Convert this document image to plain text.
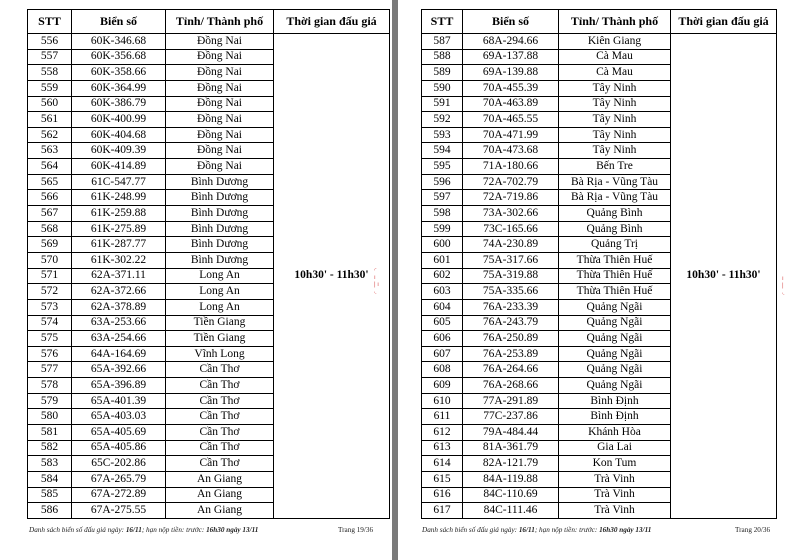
STT	Biển số	Tỉnh/ Thành phố	Thời gian đấu giá
556	60K-346.68	Đồng Nai	10h30' - 11h30'
557	60K-356.68	Đồng Nai	
558	60K-358.66	Đồng Nai	
559	60K-364.99	Đồng Nai	
560	60K-386.79	Đồng Nai	
561	60K-400.99	Đồng Nai	
562	60K-404.68	Đồng Nai	
563	60K-409.39	Đồng Nai	
564	60K-414.89	Đồng Nai	
565	61C-547.77	Bình Dương	
566	61K-248.99	Bình Dương	
567	61K-259.88	Bình Dương	
568	61K-275.89	Bình Dương	
569	61K-287.77	Bình Dương	
570	61K-302.22	Bình Dương	
571	62A-371.11	Long An	
572	62A-372.66	Long An	
573	62A-378.89	Long An	
574	63A-253.66	Tiền Giang	
575	63A-254.66	Tiền Giang	
576	64A-164.69	Vĩnh Long	
577	65A-392.66	Cần Thơ	
578	65A-396.89	Cần Thơ	
579	65A-401.39	Cần Thơ	
580	65A-403.03	Cần Thơ	
581	65A-405.69	Cần Thơ	
582	65A-405.86	Cần Thơ	
583	65C-202.86	Cần Thơ	
584	67A-265.79	An Giang	
585	67A-272.89	An Giang	
586	67A-275.55	An Giang	
Danh sách biển số đấu giá ngày: 16/11; hạn nộp tiền: trước: 16h30 ngày 13/11	Trang 19/36
◜
ı
| ı
◟
STT	Biển số	Tỉnh/ Thành phố	Thời gian đấu giá
587	68A-294.66	Kiên Giang	10h30' - 11h30'
588	69A-137.88	Cà Mau	
589	69A-139.88	Cà Mau	
590	70A-455.39	Tây Ninh	
591	70A-463.89	Tây Ninh	
592	70A-465.55	Tây Ninh	
593	70A-471.99	Tây Ninh	
594	70A-473.68	Tây Ninh	
595	71A-180.66	Bến Tre	
596	72A-702.79	Bà Rịa - Vũng Tàu	
597	72A-719.86	Bà Rịa - Vũng Tàu	
598	73A-302.66	Quảng Bình	
599	73C-165.66	Quảng Bình	
600	74A-230.89	Quảng Trị	
601	75A-317.66	Thừa Thiên Huế	
602	75A-319.88	Thừa Thiên Huế	
603	75A-335.66	Thừa Thiên Huế	
604	76A-233.39	Quảng Ngãi	
605	76A-243.79	Quảng Ngãi	
606	76A-250.89	Quảng Ngãi	
607	76A-253.89	Quảng Ngãi	
608	76A-264.66	Quảng Ngãi	
609	76A-268.66	Quảng Ngãi	
610	77A-291.89	Bình Định	
611	77C-237.86	Bình Định	
612	79A-484.44	Khánh Hòa	
613	81A-361.79	Gia Lai	
614	82A-121.79	Kon Tum	
615	84A-119.88	Trà Vinh	
616	84C-110.69	Trà Vinh	
617	84C-111.46	Trà Vinh	
Danh sách biển số đấu giá ngày: 16/11; hạn nộp tiền: trước: 16h30 ngày 13/11	Trang 20/36
ı
|
◟
